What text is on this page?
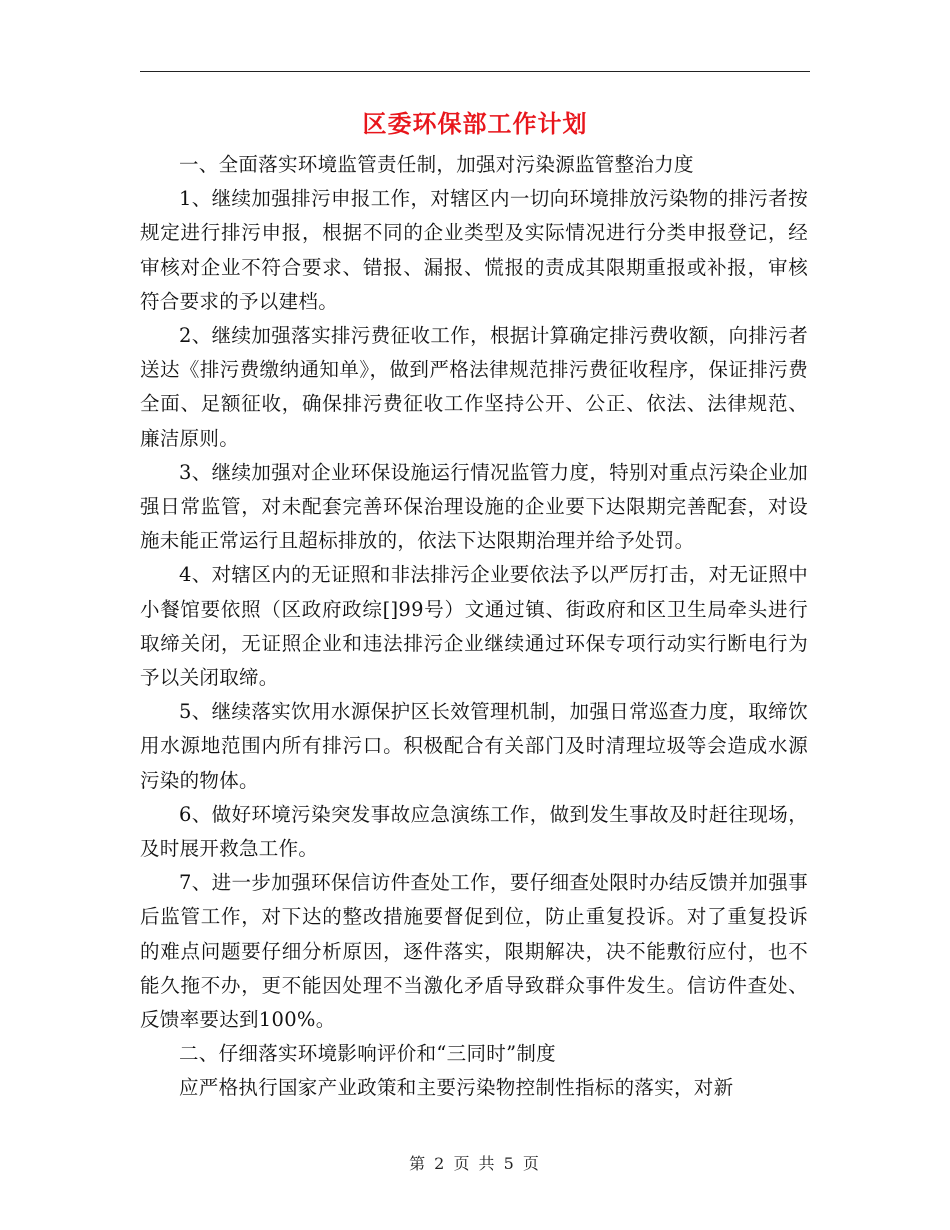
区委环保部工作计划

一、全面落实环境监管责任制，加强对污染源监管整治力度

1、继续加强排污申报工作，对辖区内一切向环境排放污染物的排污者按规定进行排污申报，根据不同的企业类型及实际情况进行分类申报登记，经审核对企业不符合要求、错报、漏报、慌报的责成其限期重报或补报，审核符合要求的予以建档。

2、继续加强落实排污费征收工作，根据计算确定排污费收额，向排污者送达《排污费缴纳通知单》，做到严格法律规范排污费征收程序，保证排污费全面、足额征收，确保排污费征收工作坚持公开、公正、依法、法律规范、廉洁原则。

3、继续加强对企业环保设施运行情况监管力度，特别对重点污染企业加强日常监管，对未配套完善环保治理设施的企业要下达限期完善配套，对设施未能正常运行且超标排放的，依法下达限期治理并给予处罚。

4、对辖区内的无证照和非法排污企业要依法予以严厉打击，对无证照中小餐馆要依照（区政府政综[]99号）文通过镇、街政府和区卫生局牵头进行取缔关闭，无证照企业和违法排污企业继续通过环保专项行动实行断电行为予以关闭取缔。

5、继续落实饮用水源保护区长效管理机制，加强日常巡查力度，取缔饮用水源地范围内所有排污口。积极配合有关部门及时清理垃圾等会造成水源污染的物体。

6、做好环境污染突发事故应急演练工作，做到发生事故及时赶往现场，及时展开救急工作。

7、进一步加强环保信访件查处工作，要仔细查处限时办结反馈并加强事后监管工作，对下达的整改措施要督促到位，防止重复投诉。对了重复投诉的难点问题要仔细分析原因，逐件落实，限期解决，决不能敷衍应付，也不能久拖不办，更不能因处理不当激化矛盾导致群众事件发生。信访件查处、反馈率要达到100%。

二、仔细落实环境影响评价和“三同时”制度

应严格执行国家产业政策和主要污染物控制性指标的落实，对新

第 2 页 共 5 页
